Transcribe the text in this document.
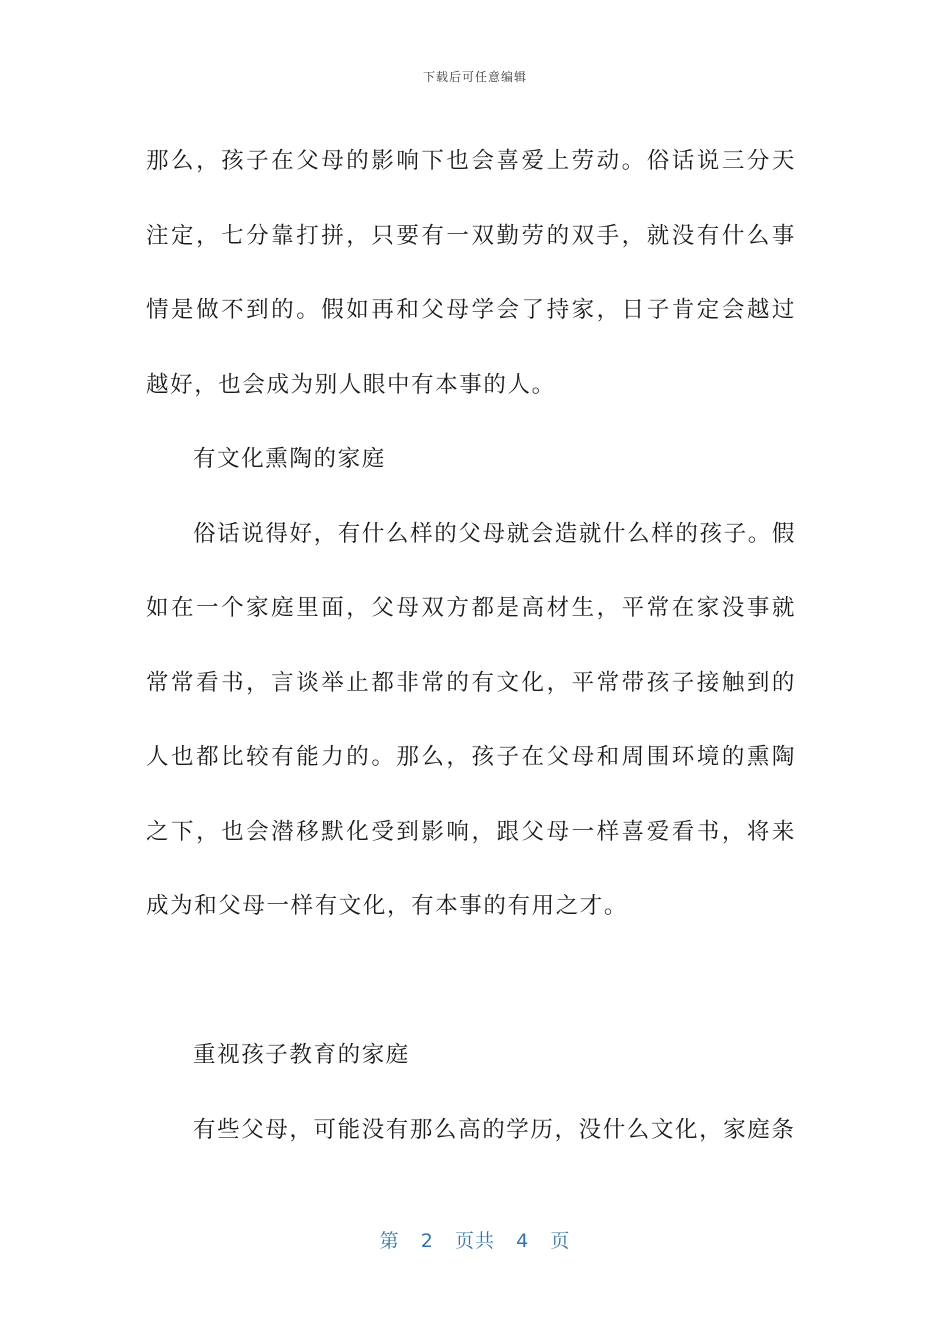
下载后可任意编辑

那么，孩子在父母的影响下也会喜爱上劳动。俗话说三分天注定，七分靠打拼，只要有一双勤劳的双手，就没有什么事情是做不到的。假如再和父母学会了持家，日子肯定会越过越好，也会成为别人眼中有本事的人。

有文化熏陶的家庭

俗话说得好，有什么样的父母就会造就什么样的孩子。假如在一个家庭里面，父母双方都是高材生，平常在家没事就常常看书，言谈举止都非常的有文化，平常带孩子接触到的人也都比较有能力的。那么，孩子在父母和周围环境的熏陶之下，也会潜移默化受到影响，跟父母一样喜爱看书，将来成为和父母一样有文化，有本事的有用之才。

重视孩子教育的家庭

有些父母，可能没有那么高的学历，没什么文化，家庭条

第 2 页共 4 页
